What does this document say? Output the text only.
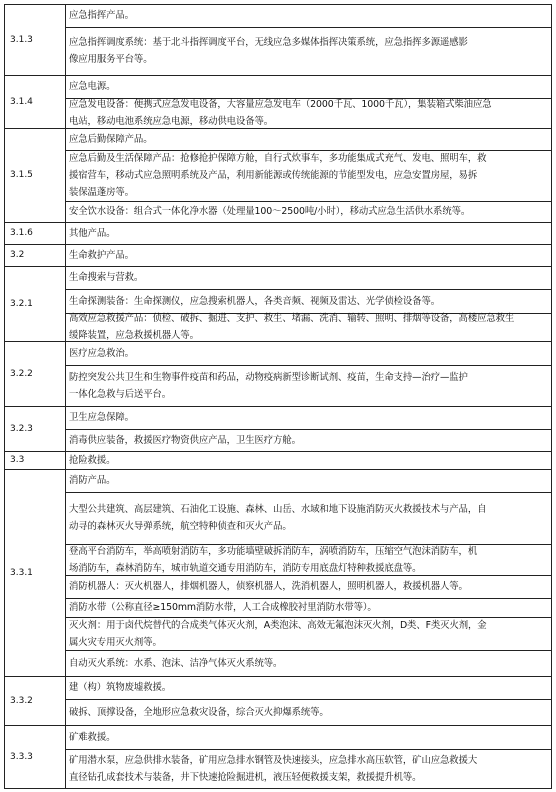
3.1.3
应急指挥产品。
应急指挥调度系统：基于北斗指挥调度平台，无线应急多媒体指挥决策系统，应急指挥多源遥感影
像应用服务平台等。
3.1.4
应急电源。
应急发电设备：便携式应急发电设备，大容量应急发电车（2000千瓦、1000千瓦），集装箱式柴油应急
电站，移动电池系统应急电源，移动供电设备等。
3.1.5
应急后勤保障产品。
应急后勤及生活保障产品：抢修抢护保障方舱，自行式炊事车，多功能集成式充气、发电、照明车，救
援宿营车，移动式应急照明系统及产品，利用新能源或传统能源的节能型发电，应急安置房屋，易拆
装保温蓬房等。
安全饮水设备：组合式一体化净水器（处理量100～2500吨/小时），移动式应急生活供水系统等。
3.1.6	其他产品。
3.2	生命救护产品。
3.2.1
生命搜索与营救。
生命探测装备：生命探测仪，应急搜索机器人，各类音频、视频及雷达、光学侦检设备等。
高效应急救援产品：侦检、破拆、掘进、支护、救生、堵漏、洗消、输转、照明、排烟等设备，高楼应急救生
缓降装置，应急救援机器人等。
3.2.2
医疗应急救治。
防控突发公共卫生和生物事件疫苗和药品，动物疫病新型诊断试剂、疫苗，生命支持—治疗—监护
一体化急救与后送平台。
3.2.3
卫生应急保障。
消毒供应装备，救援医疗物资供应产品，卫生医疗方舱。
3.3	抢险救援。
3.3.1
消防产品。
大型公共建筑、高层建筑、石油化工设施、森林、山岳、水域和地下设施消防灭火救援技术与产品，自
动寻的森林灭火导弹系统，航空特种侦查和灭火产品。
登高平台消防车，举高喷射消防车，多功能墙壁破拆消防车，涡喷消防车，压缩空气泡沫消防车，机
场消防车，森林消防车，城市轨道交通专用消防车，消防专用底盘灯特种救援底盘等。
消防机器人：灭火机器人，排烟机器人，侦察机器人，洗消机器人，照明机器人，救援机器人等。
消防水带（公称直径≥150mm消防水带，人工合成橡胶衬里消防水带等）。
灭火剂：用于卤代烷替代的合成类气体灭火剂，A类泡沫、高效无氟泡沫灭火剂，D类、F类灭火剂，金
属火灾专用灭火剂等。
自动灭火系统：水系、泡沫、洁净气体灭火系统等。
3.3.2
建（构）筑物废墟救援。
破拆、顶撑设备，全地形应急救灾设备，综合灭火抑爆系统等。
3.3.3
矿难救援。
矿用潜水泵，应急供排水装备，矿用应急排水钢管及快速接头，应急排水高压软管，矿山应急救援大
直径钻孔成套技术与装备，井下快速抢险掘进机，液压轻便救援支架，救援提升机等。
